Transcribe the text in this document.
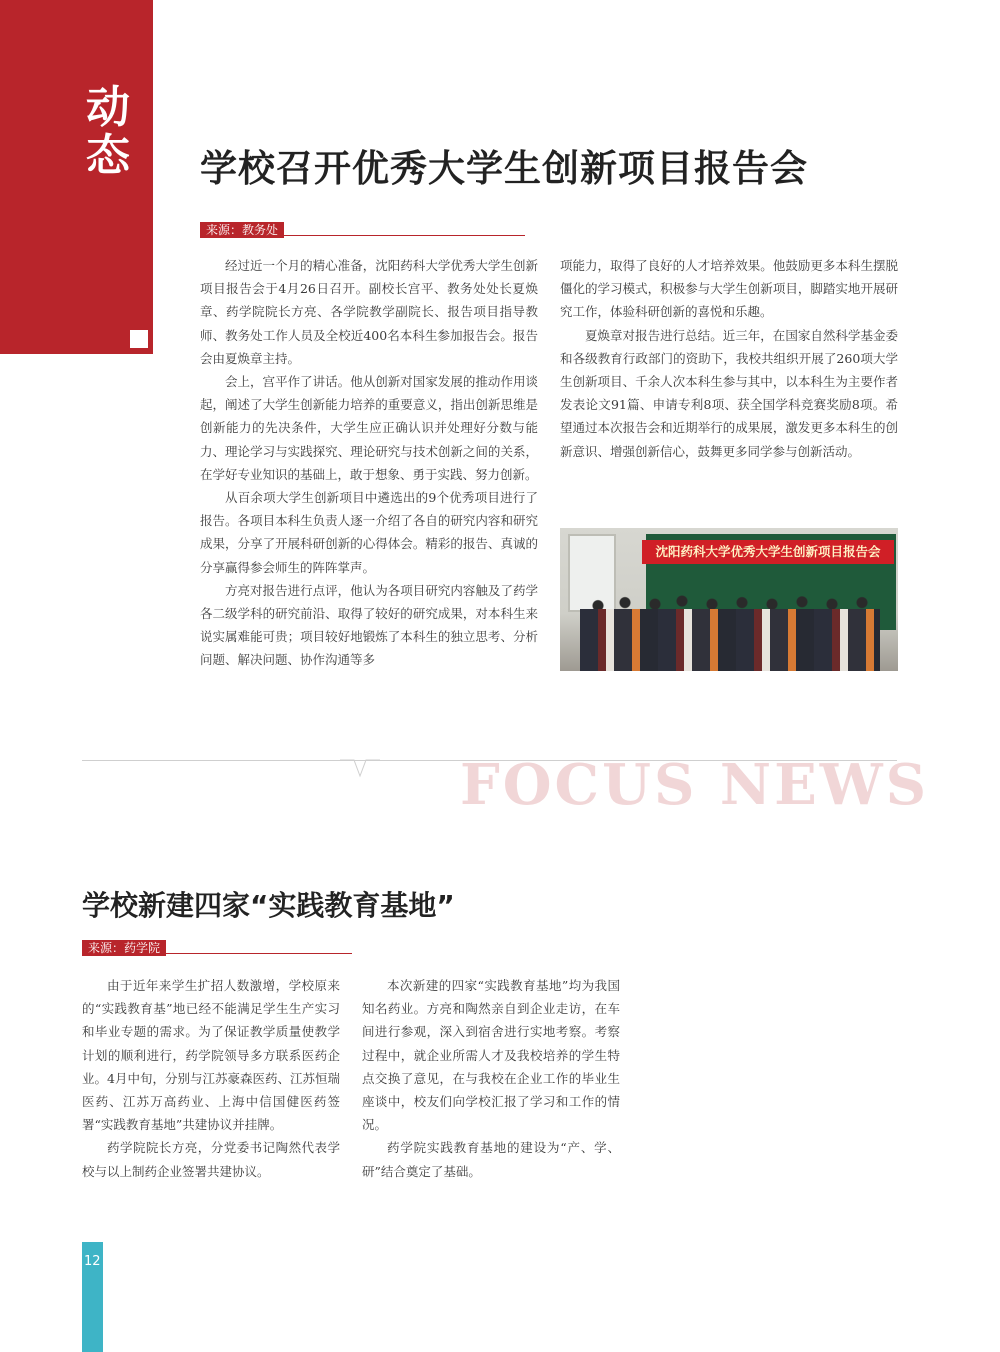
动态 学校召开优秀大学生创新项目报告会
来源：教务处

经过近一个月的精心准备，沈阳药科大学优秀大学生创新项目报告会于4月26日召开。副校长宫平、教务处处长夏焕章、药学院院长方亮、各学院教学副院长、报告项目指导教师、教务处工作人员及全校近400名本科生参加报告会。报告会由夏焕章主持。

会上，宫平作了讲话。他从创新对国家发展的推动作用谈起，阐述了大学生创新能力培养的重要意义，指出创新思维是创新能力的先决条件，大学生应正确认识并处理好分数与能力、理论学习与实践探究、理论研究与技术创新之间的关系，在学好专业知识的基础上，敢于想象、勇于实践、努力创新。

从百余项大学生创新项目中遴选出的9个优秀项目进行了报告。各项目本科生负责人逐一介绍了各自的研究内容和研究成果，分享了开展科研创新的心得体会。精彩的报告、真诚的分享赢得参会师生的阵阵掌声。

方亮对报告进行点评，他认为各项目研究内容触及了药学各二级学科的研究前沿、取得了较好的研究成果，对本科生来说实属难能可贵；项目较好地锻炼了本科生的独立思考、分析问题、解决问题、协作沟通等多

项能力，取得了良好的人才培养效果。他鼓励更多本科生摆脱僵化的学习模式，积极参与大学生创新项目，脚踏实地开展研究工作，体验科研创新的喜悦和乐趣。

夏焕章对报告进行总结。近三年，在国家自然科学基金委和各级教育行政部门的资助下，我校共组织开展了260项大学生创新项目、千余人次本科生参与其中，以本科生为主要作者发表论文91篇、申请专利8项、获全国学科竞赛奖励8项。希望通过本次报告会和近期举行的成果展，激发更多本科生的创新意识、增强创新信心，鼓舞更多同学参与创新活动。

沈阳药科大学优秀大学生创新项目报告会
FOCUS NEWS
学校新建四家“实践教育基地”
来源：药学院

由于近年来学生扩招人数激增，学校原来的“实践教育基”地已经不能满足学生生产实习和毕业专题的需求。为了保证教学质量使教学计划的顺利进行，药学院领导多方联系医药企业。4月中旬，分别与江苏豪森医药、江苏恒瑞医药、江苏万高药业、上海中信国健医药签署“实践教育基地”共建协议并挂牌。

药学院院长方亮，分党委书记陶然代表学校与以上制药企业签署共建协议。

本次新建的四家“实践教育基地”均为我国知名药业。方亮和陶然亲自到企业走访，在车间进行参观，深入到宿舍进行实地考察。考察过程中，就企业所需人才及我校培养的学生特点交换了意见，在与我校在企业工作的毕业生座谈中，校友们向学校汇报了学习和工作的情况。

药学院实践教育基地的建设为“产、学、研”结合奠定了基础。

12
